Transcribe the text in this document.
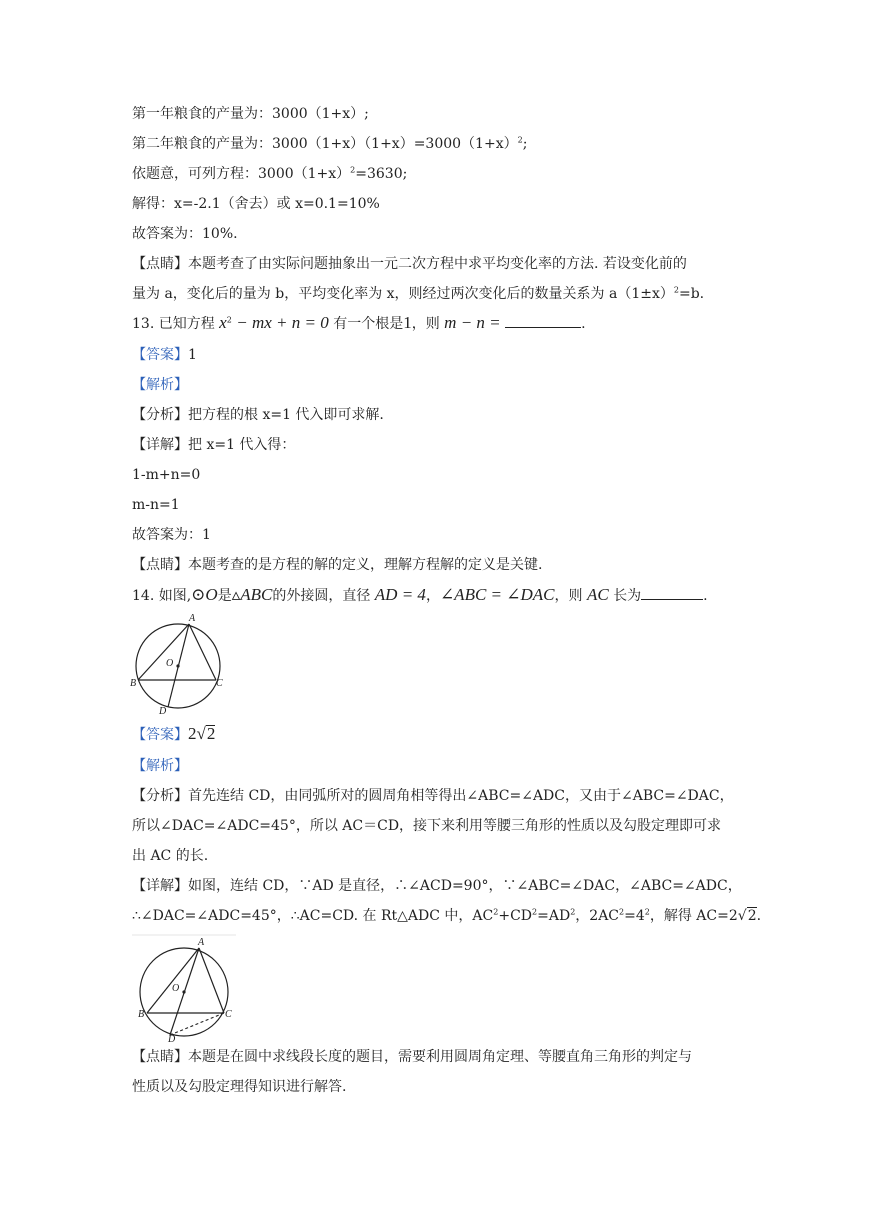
第一年粮食的产量为：3000（1+x）;
第二年粮食的产量为：$3000(1+x)(1+x)=3000(1+x)^2$;
依题意，可列方程：$3000(1+x)^2=3630$;
解得：x=-2.1（舍去）或 x=0.1=10%
故答案为：10%.
【点睛】本题考查了由实际问题抽象出一元二次方程中求平均变化率的方法. 若设变化前的
量为 a，变化后的量为 b，平均变化率为 x，则经过两次变化后的数量关系为 $a(1\pm x)^2=b$.
13. 已知方程 $x^2$ − mx + n = 0 有一个根是1，则 m − n =	.
【答案】1
【解析】
【分析】把方程的根 x=1 代入即可求解.
【详解】把 x=1 代入得：
1-m+n=0
m-n=1
故答案为：1
【点睛】本题考查的是方程的解的定义，理解方程解的定义是关键.
14. 如图,⊙O是▵ABC的外接圆，直径 AD = 4，∠ABC = ∠DAC，则 AC 长为	.
A
B	C
D
O
【答案】2√2
【解析】
【分析】首先连结 CD，由同弧所对的圆周角相等得出∠ABC=∠ADC，又由于∠ABC=∠DAC，
所以∠DAC=∠ADC=45°，所以 AC＝CD，接下来利用等腰三角形的性质以及勾股定理即可求
出 AC 的长.
【详解】如图，连结 CD，∵AD 是直径，∴∠ACD=90°，∵∠ABC=∠DAC，∠ABC=∠ADC，
∴∠DAC=∠ADC=45°，∴AC=CD. 在 Rt△ADC 中，$AC^2+CD^2=AD^2$，$2AC^2=4^2$，解得 AC=2√2.
A
B	C
D
O
【点睛】本题是在圆中求线段长度的题目，需要利用圆周角定理、等腰直角三角形的判定与
性质以及勾股定理得知识进行解答.
